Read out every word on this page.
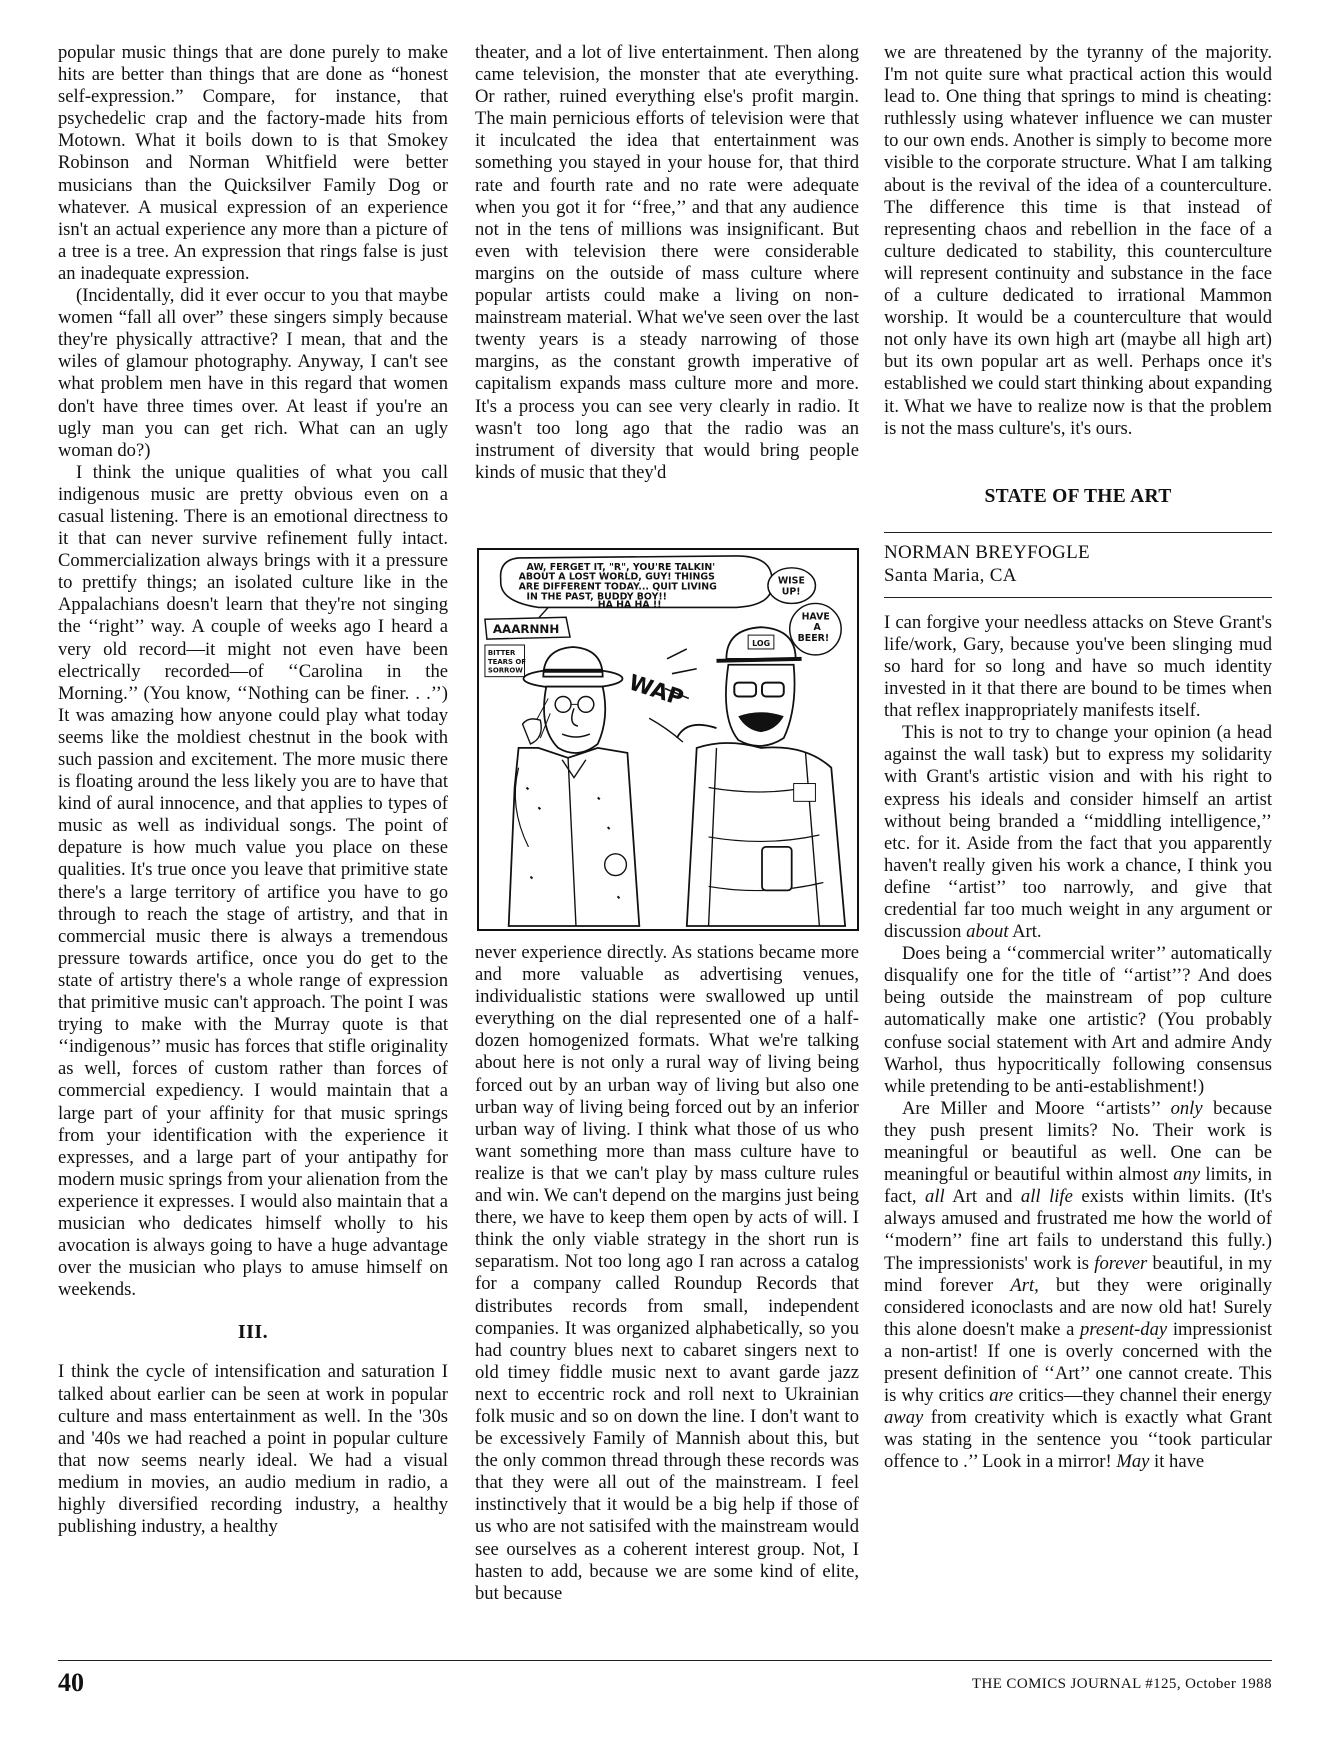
popular music things that are done purely to make hits are better than things that are done as “honest self-expression.” Compare, for instance, that psychedelic crap and the factory-made hits from Motown. What it boils down to is that Smokey Robinson and Norman Whitfield were better musicians than the Quicksilver Family Dog or whatever. A musical expression of an experience isn't an actual experience any more than a picture of a tree is a tree. An expression that rings false is just an inadequate expression.

(Incidentally, did it ever occur to you that maybe women “fall all over” these singers simply because they're physically attractive? I mean, that and the wiles of glamour photography. Anyway, I can't see what problem men have in this regard that women don't have three times over. At least if you're an ugly man you can get rich. What can an ugly woman do?)

I think the unique qualities of what you call indigenous music are pretty obvious even on a casual listening. There is an emotional directness to it that can never survive refinement fully intact. Commercialization always brings with it a pressure to prettify things; an isolated culture like in the Appalachians doesn't learn that they're not singing the ‘‘right’’ way. A couple of weeks ago I heard a very old record—it might not even have been electrically recorded—of ‘‘Carolina in the Morning.’’ (You know, ‘‘Nothing can be finer. . .’’) It was amazing how anyone could play what today seems like the moldiest chestnut in the book with such passion and excitement. The more music there is floating around the less likely you are to have that kind of aural innocence, and that applies to types of music as well as individual songs. The point of depature is how much value you place on these qualities. It's true once you leave that primitive state there's a large territory of artifice you have to go through to reach the stage of artistry, and that in commercial music there is always a tremendous pressure towards artifice, once you do get to the state of artistry there's a whole range of expression that primitive music can't approach. The point I was trying to make with the Murray quote is that ‘‘indigenous’’ music has forces that stifle originality as well, forces of custom rather than forces of commercial expediency. I would maintain that a large part of your affinity for that music springs from your identification with the experience it expresses, and a large part of your antipathy for modern music springs from your alienation from the experience it expresses. I would also maintain that a musician who dedicates himself wholly to his avocation is always going to have a huge advantage over the musician who plays to amuse himself on weekends.

III.

I think the cycle of intensification and saturation I talked about earlier can be seen at work in popular culture and mass entertainment as well. In the '30s and '40s we had reached a point in popular culture that now seems nearly ideal. We had a visual medium in movies, an audio medium in radio, a highly diversified recording industry, a healthy publishing industry, a healthy

theater, and a lot of live entertainment. Then along came television, the monster that ate everything. Or rather, ruined everything else's profit margin. The main pernicious efforts of television were that it inculcated the idea that entertainment was something you stayed in your house for, that third rate and fourth rate and no rate were adequate when you got it for ‘‘free,’’ and that any audience not in the tens of millions was insignificant. But even with television there were considerable margins on the outside of mass culture where popular artists could make a living on non-mainstream material. What we've seen over the last twenty years is a steady narrowing of those margins, as the constant growth imperative of capitalism expands mass culture more and more. It's a process you can see very clearly in radio. It wasn't too long ago that the radio was an instrument of diversity that would bring people kinds of music that they'd

AW, FERGET IT, "R", YOU'RE TALKIN'
ABOUT A LOST WORLD, GUY! THINGS
ARE DIFFERENT TODAY... QUIT LIVING
IN THE PAST, BUDDY BOY!!
HA HA HA !!
WISE
UP!
HAVE
A
BEER!
AAARNNH
BITTER
TEARS OF
SORROW	WAP
LOG

never experience directly. As stations became more and more valuable as advertising venues, individualistic stations were swallowed up until everything on the dial represented one of a half-dozen homogenized formats. What we're talking about here is not only a rural way of living being forced out by an urban way of living but also one urban way of living being forced out by an inferior urban way of living. I think what those of us who want something more than mass culture have to realize is that we can't play by mass culture rules and win. We can't depend on the margins just being there, we have to keep them open by acts of will. I think the only viable strategy in the short run is separatism. Not too long ago I ran across a catalog for a company called Roundup Records that distributes records from small, independent companies. It was organized alphabetically, so you had country blues next to cabaret singers next to old timey fiddle music next to avant garde jazz next to eccentric rock and roll next to Ukrainian folk music and so on down the line. I don't want to be excessively Family of Mannish about this, but the only common thread through these records was that they were all out of the mainstream. I feel instinctively that it would be a big help if those of us who are not satisifed with the mainstream would see ourselves as a coherent interest group. Not, I hasten to add, because we are some kind of elite, but because

we are threatened by the tyranny of the majority. I'm not quite sure what practical action this would lead to. One thing that springs to mind is cheating: ruthlessly using whatever influence we can muster to our own ends. Another is simply to become more visible to the corporate structure. What I am talking about is the revival of the idea of a counterculture. The difference this time is that instead of representing chaos and rebellion in the face of a culture dedicated to stability, this counterculture will represent continuity and substance in the face of a culture dedicated to irrational Mammon worship. It would be a counterculture that would not only have its own high art (maybe all high art) but its own popular art as well. Perhaps once it's established we could start thinking about expanding it. What we have to realize now is that the problem is not the mass culture's, it's ours.

STATE OF THE ART
NORMAN BREYFOGLE
Santa Maria, CA

I can forgive your needless attacks on Steve Grant's life/work, Gary, because you've been slinging mud so hard for so long and have so much identity invested in it that there are bound to be times when that reflex inappropriately manifests itself.

This is not to try to change your opinion (a head against the wall task) but to express my solidarity with Grant's artistic vision and with his right to express his ideals and consider himself an artist without being branded a ‘‘middling intelligence,’’ etc. for it. Aside from the fact that you apparently haven't really given his work a chance, I think you define ‘‘artist’’ too narrowly, and give that credential far too much weight in any argument or discussion about Art.

Does being a ‘‘commercial writer’’ automatically disqualify one for the title of ‘‘artist’’? And does being outside the mainstream of pop culture automatically make one artistic? (You probably confuse social statement with Art and admire Andy Warhol, thus hypocritically following consensus while pretending to be anti-establishment!)

Are Miller and Moore ‘‘artists’’ only because they push present limits? No. Their work is meaningful or beautiful as well. One can be meaningful or beautiful within almost any limits, in fact, all Art and all life exists within limits. (It's always amused and frustrated me how the world of ‘‘modern’’ fine art fails to understand this fully.) The impressionists' work is forever beautiful, in my mind forever Art, but they were originally considered iconoclasts and are now old hat! Surely this alone doesn't make a present-day impressionist a non-artist! If one is overly concerned with the present definition of ‘‘Art’’ one cannot create. This is why critics are critics—they channel their energy away from creativity which is exactly what Grant was stating in the sentence you ‘‘took particular offence to .’’ Look in a mirror! May it have

40	THE COMICS JOURNAL #125, October 1988
